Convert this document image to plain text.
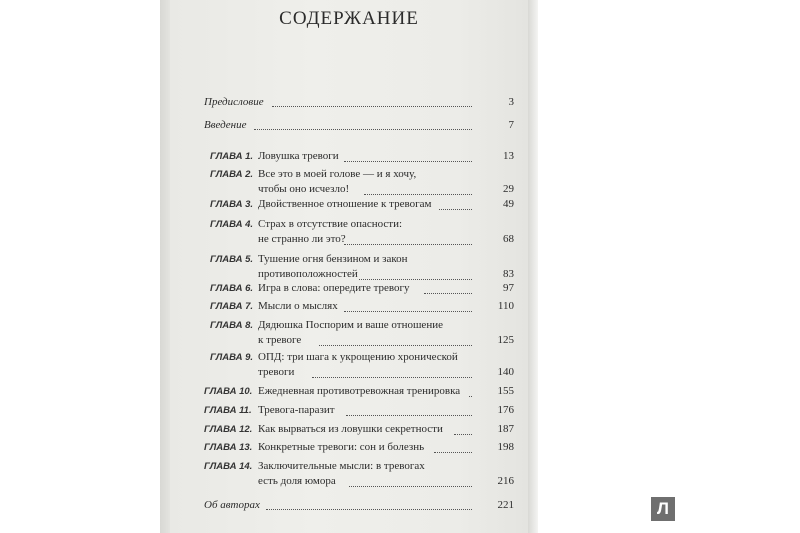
СОДЕРЖАНИЕ
Предисловие	3
Введение	7
ГЛАВА 1. Ловушка тревоги	13
ГЛАВА 2. Все это в моей голове — и я хочу,
чтобы оно исчезло!	29
ГЛАВА 3. Двойственное отношение к тревогам	49
ГЛАВА 4. Страх в отсутствие опасности:
не странно ли это?	68
ГЛАВА 5. Тушение огня бензином и закон
противоположностей	83
ГЛАВА 6. Игра в слова: опередите тревогу	97
ГЛАВА 7. Мысли о мыслях	110
ГЛАВА 8. Дядюшка Поспорим и ваше отношение
к тревоге	125
ГЛАВА 9. ОПД: три шага к укрощению хронической
тревоги	140
ГЛАВА 10. Ежедневная противотревожная тренировка	155
ГЛАВА 11. Тревога-паразит	176
ГЛАВА 12. Как вырваться из ловушки секретности	187
ГЛАВА 13. Конкретные тревоги: сон и болезнь	198
ГЛАВА 14. Заключительные мысли: в тревогах
есть доля юмора	216
Об авторах	221	Л
